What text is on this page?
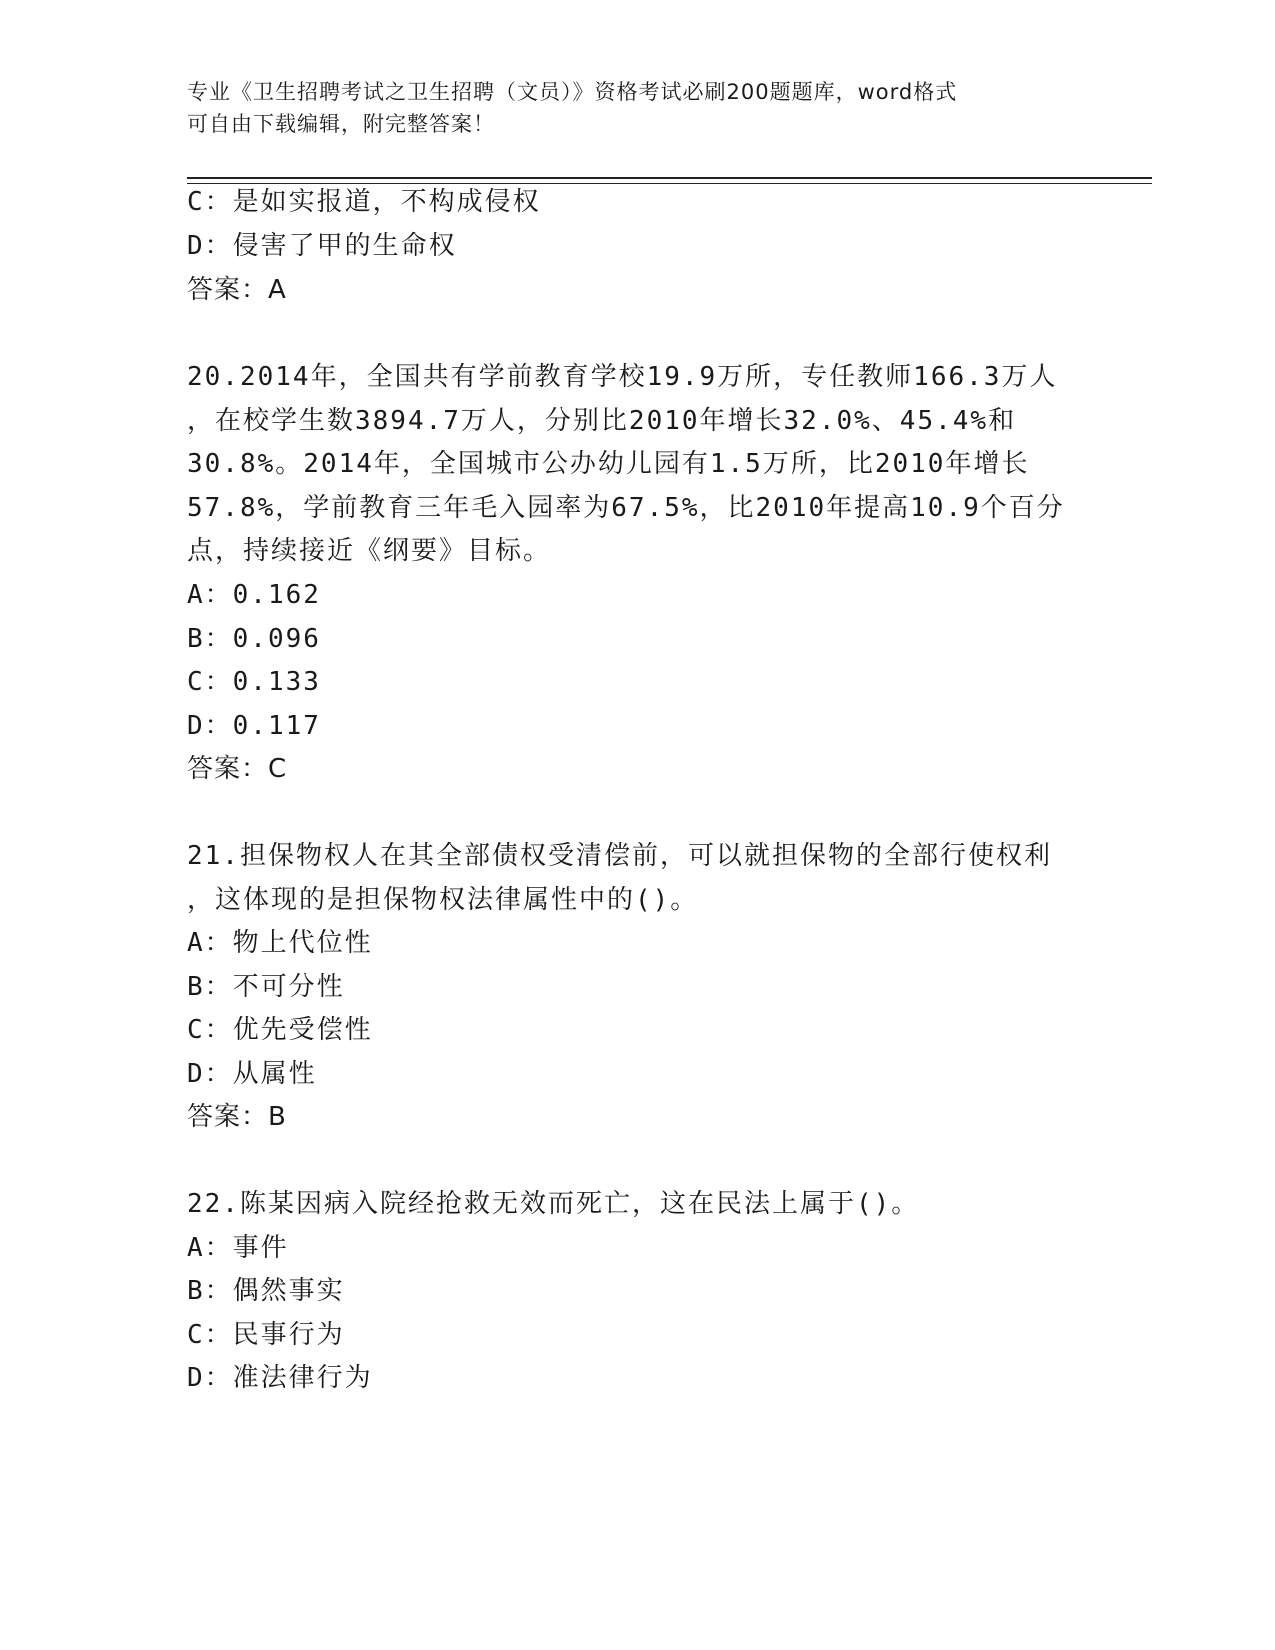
专业《卫生招聘考试之卫生招聘（文员）》资格考试必刷200题题库，word格式
可自由下载编辑，附完整答案！
C：是如实报道，不构成侵权
D：侵害了甲的生命权
答案：A
20.2014年，全国共有学前教育学校19.9万所，专任教师166.3万人
，在校学生数3894.7万人，分别比2010年增长32.0%、45.4%和
30.8%。2014年，全国城市公办幼儿园有1.5万所，比2010年增长
57.8%，学前教育三年毛入园率为67.5%，比2010年提高10.9个百分
点，持续接近《纲要》目标。
A：0.162
B：0.096
C：0.133
D：0.117
答案：C
21.担保物权人在其全部债权受清偿前，可以就担保物的全部行使权利
，这体现的是担保物权法律属性中的()。
A：物上代位性
B：不可分性
C：优先受偿性
D：从属性
答案：B
22.陈某因病入院经抢救无效而死亡，这在民法上属于()。
A：事件
B：偶然事实
C：民事行为
D：准法律行为
